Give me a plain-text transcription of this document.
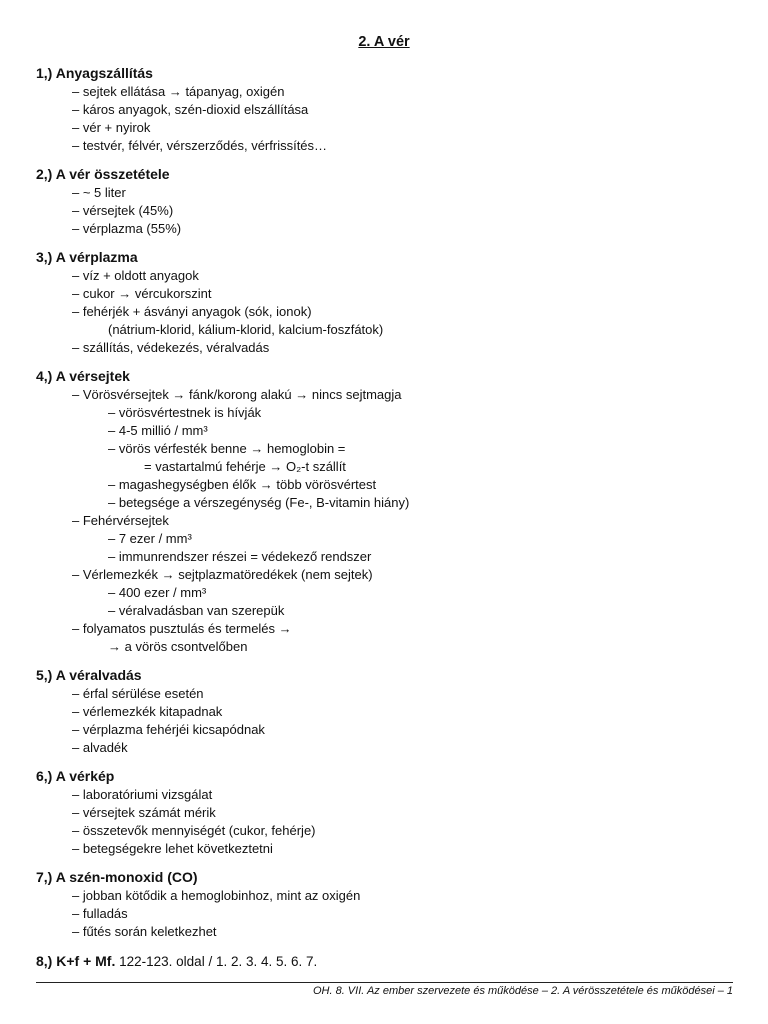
2. A vér
1,) Anyagszállítás
– sejtek ellátása → tápanyag, oxigén
– káros anyagok, szén-dioxid elszállítása
– vér + nyirok
– testvér, félvér, vérszerződés, vérfrissítés…
2,) A vér összetétele
– ~ 5 liter
– vérsejtek (45%)
– vérplazma (55%)
3,) A vérplazma
– víz + oldott anyagok
– cukor → vércukorszint
– fehérjék + ásványi anyagok (sók, ionok)
(nátrium-klorid, kálium-klorid, kalcium-foszfátok)
– szállítás, védekezés, véralvadás
4,) A vérsejtek
– Vörösvérsejtek → fánk/korong alakú → nincs sejtmagja
– vörösvértestnek is hívják
– 4-5 millió / mm³
– vörös vérfesték benne → hemoglobin =
= vastartalmú fehérje → O₂-t szállít
– magashegységben élők → több vörösvértest
– betegsége a vérszegénység (Fe-, B-vitamin hiány)
– Fehérvérsejtek
– 7 ezer / mm³
– immunrendszer részei = védekező rendszer
– Vérlemezkék → sejtplazmatöredékek (nem sejtek)
– 400 ezer / mm³
– véralvadásban van szerepük
– folyamatos pusztulás és termelés →
→ a vörös csontvelőben
5,) A véralvadás
– érfal sérülése esetén
– vérlemezkék kitapadnak
– vérplazma fehérjéi kicsapódnak
– alvadék
6,) A vérkép
– laboratóriumi vizsgálat
– vérsejtek számát mérik
– összetevők mennyiségét (cukor, fehérje)
– betegségekre lehet következtetni
7,) A szén-monoxid (CO)
– jobban kötődik a hemoglobinhoz, mint az oxigén
– fulladás
– fűtés során keletkezhet
8,) K+f + Mf. 122-123. oldal / 1. 2. 3. 4. 5. 6. 7.
OH. 8. VII. Az ember szervezete és működése – 2. A vérösszetétele és működései – 1
